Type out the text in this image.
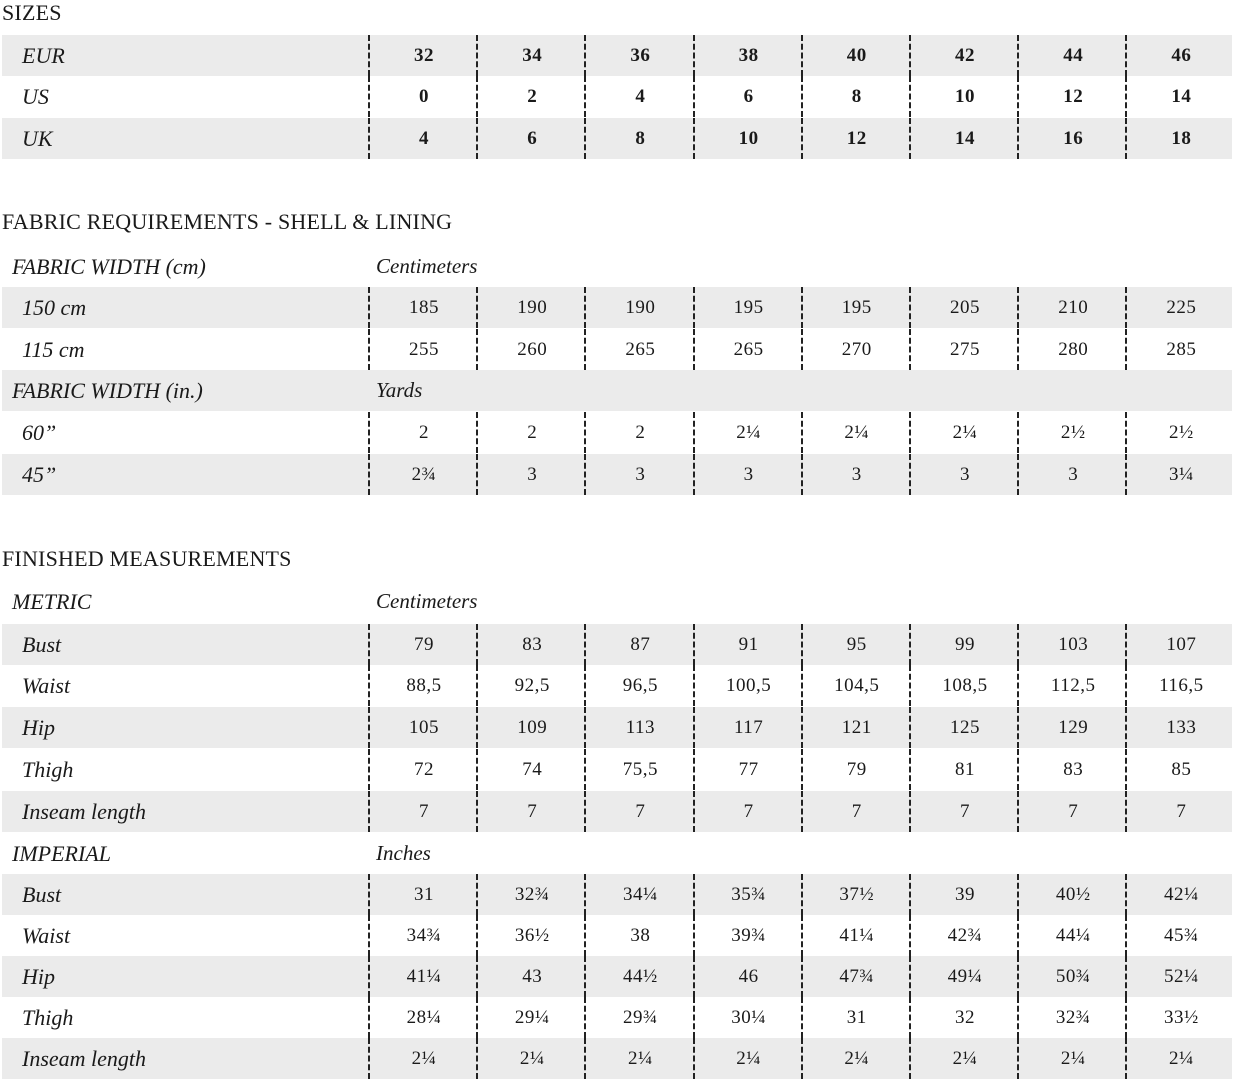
SIZES
EUR	32	34	36	38	40	42	44	46
US	0	2	4	6	8	10	12	14
UK	4	6	8	10	12	14	16	18
FABRIC REQUIREMENTS - SHELL & LINING
FABRIC WIDTH (cm)	Centimeters
150 cm	185	190	190	195	195	205	210	225
115 cm	255	260	265	265	270	275	280	285
FABRIC WIDTH (in.)	Yards
60”	2	2	2	2¼	2¼	2¼	2½	2½
45”	2¾	3	3	3	3	3	3	3¼
FINISHED MEASUREMENTS
METRIC	Centimeters
Bust	79	83	87	91	95	99	103	107
Waist	88,5	92,5	96,5	100,5	104,5	108,5	112,5	116,5
Hip	105	109	113	117	121	125	129	133
Thigh	72	74	75,5	77	79	81	83	85
Inseam length	7	7	7	7	7	7	7	7
IMPERIAL	Inches
Bust	31	32¾	34¼	35¾	37½	39	40½	42¼
Waist	34¾	36½	38	39¾	41¼	42¾	44¼	45¾
Hip	41¼	43	44½	46	47¾	49¼	50¾	52¼
Thigh	28¼	29¼	29¾	30¼	31	32	32¾	33½
Inseam length	2¼	2¼	2¼	2¼	2¼	2¼	2¼	2¼
